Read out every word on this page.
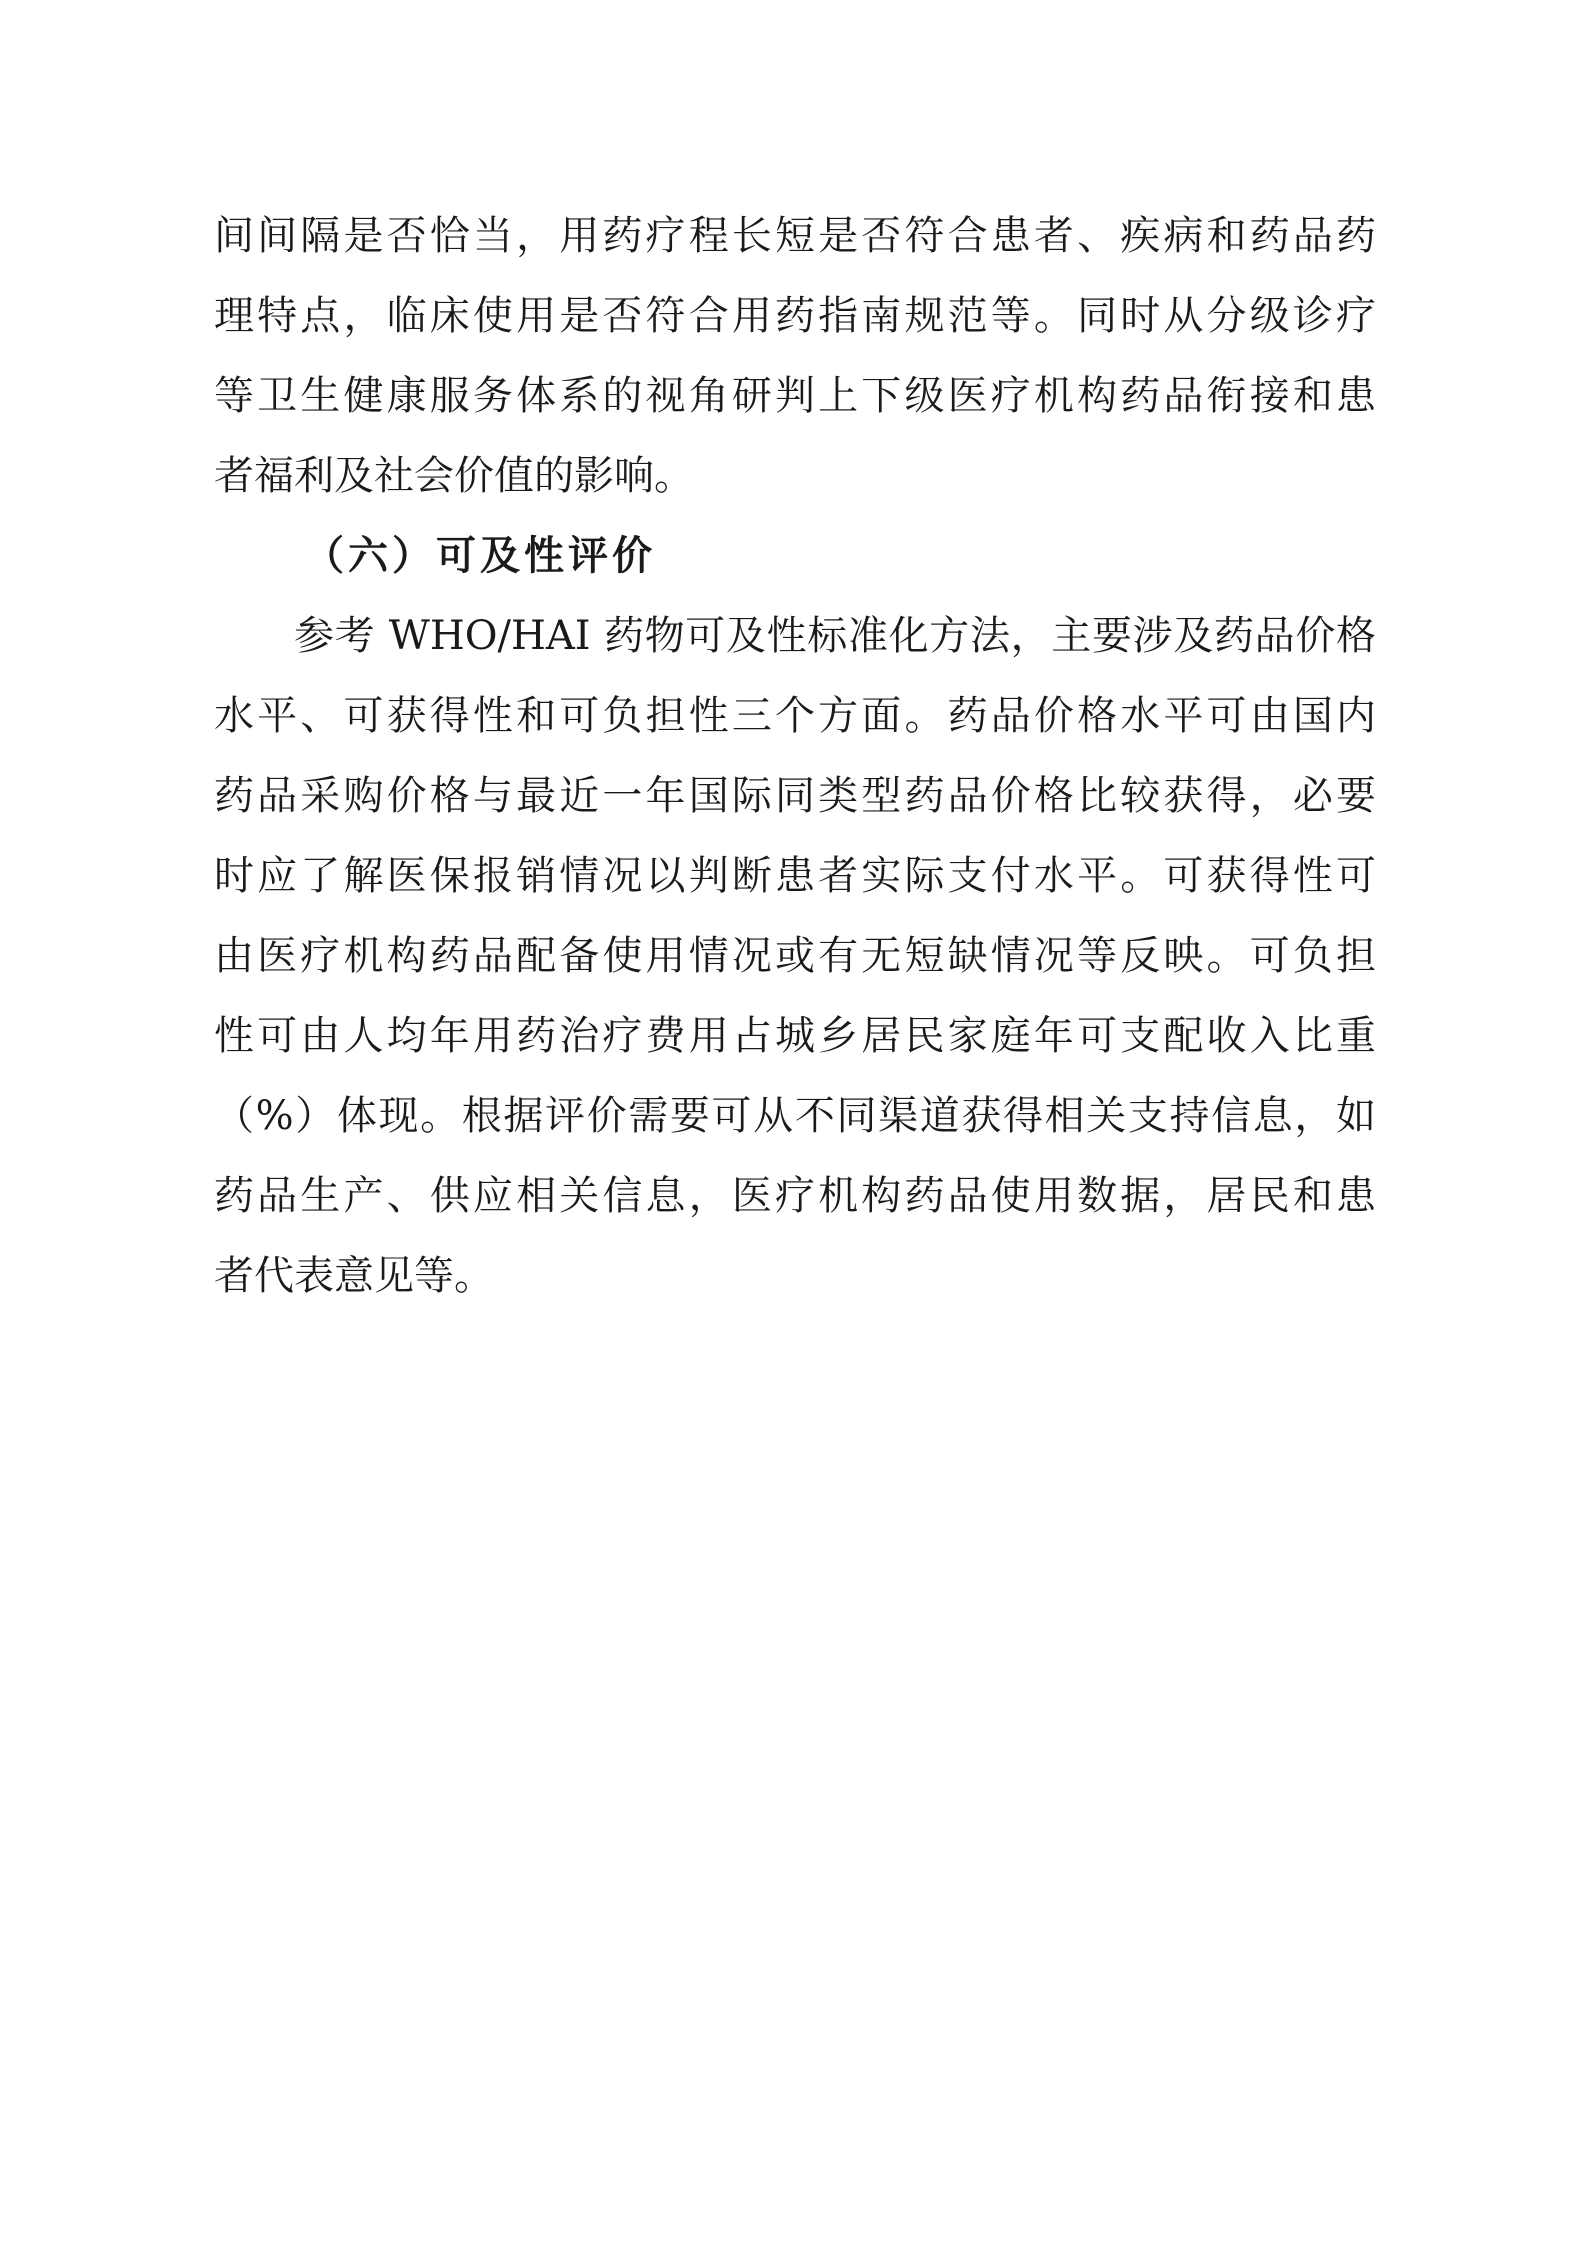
间间隔是否恰当，用药疗程长短是否符合患者、疾病和药品药
理特点，临床使用是否符合用药指南规范等。同时从分级诊疗
等卫生健康服务体系的视角研判上下级医疗机构药品衔接和患
者福利及社会价值的影响。
（六）可及性评价
参考 WHO/HAI 药物可及性标准化方法，主要涉及药品价格
水平、可获得性和可负担性三个方面。药品价格水平可由国内
药品采购价格与最近一年国际同类型药品价格比较获得，必要
时应了解医保报销情况以判断患者实际支付水平。可获得性可
由医疗机构药品配备使用情况或有无短缺情况等反映。可负担
性可由人均年用药治疗费用占城乡居民家庭年可支配收入比重
（%）体现。根据评价需要可从不同渠道获得相关支持信息，如
药品生产、供应相关信息，医疗机构药品使用数据，居民和患
者代表意见等。
